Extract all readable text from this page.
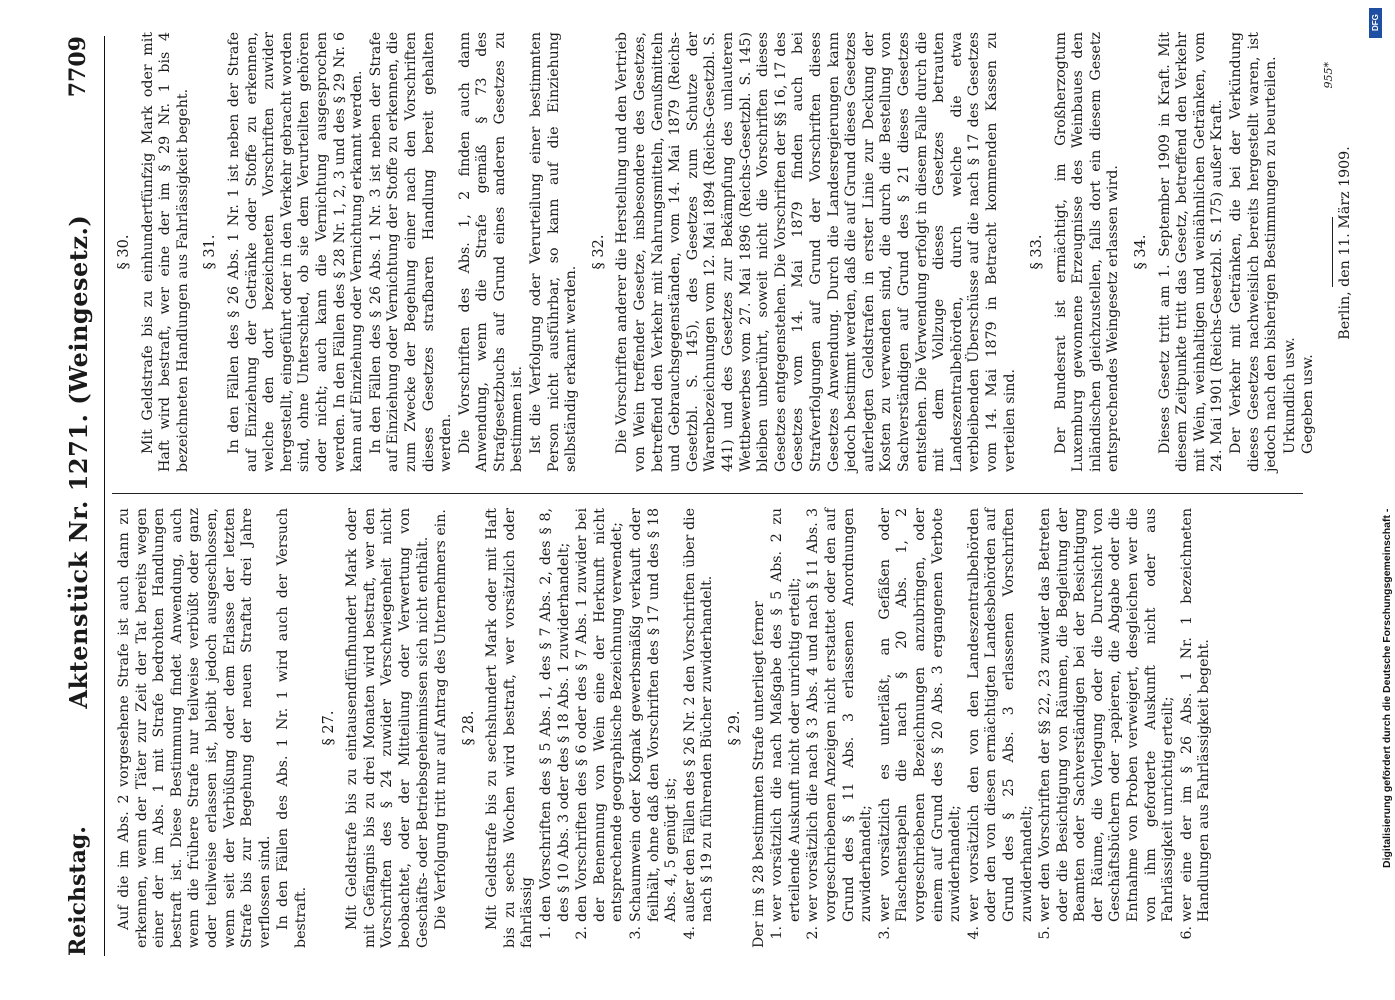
Reichstag.
Aktenstück Nr. 1271. (Weingesetz.)
7709

Auf die im Abs. 2 vorgesehene Strafe ist auch dann zu erkennen, wenn der Täter zur Zeit der Tat bereits wegen einer der im Abs. 1 mit Strafe bedrohten Handlungen bestraft ist. Diese Bestimmung findet Anwendung, auch wenn die frühere Strafe nur teilweise verbüßt oder ganz oder teilweise erlassen ist, bleibt jedoch ausgeschlossen, wenn seit der Verbüßung oder dem Erlasse der letzten Strafe bis zur Begehung der neuen Straftat drei Jahre verflossen sind. In den Fällen des Abs. 1 Nr. 1 wird auch der Versuch bestraft.

§ 27. Mit Geldstrafe bis zu eintausendfünfhundert Mark oder mit Gefängnis bis zu drei Monaten wird bestraft, wer den Vorschriften des § 24 zuwider Verschwiegenheit nicht beobachtet, oder der Mitteilung oder Verwertung von Geschäfts- oder Betriebsgeheimnissen sich nicht enthält. Die Verfolgung tritt nur auf Antrag des Unternehmers ein. § 28. Mit Geldstrafe bis zu sechshundert Mark oder mit Haft bis zu sechs Wochen wird bestraft, wer vorsätzlich oder fahrlässig 1.
den Vorschriften des § 5 Abs. 1, des § 7 Abs. 2, des § 8, des § 10 Abs. 3 oder des § 18 Abs. 1 zuwiderhandelt;
2.
den Vorschriften des § 6 oder des § 7 Abs. 1 zuwider bei der Benennung von Wein eine der Herkunft nicht entsprechende geographische Bezeichnung verwendet;
3.
Schaumwein oder Kognak gewerbsmäßig verkauft oder feilhält, ohne daß den Vorschriften des § 17 und des § 18 Abs. 4, 5 genügt ist;
4.
außer den Fällen des § 26 Nr. 2 den Vorschriften über die nach § 19 zu führenden Bücher zuwiderhandelt. § 29. Der im § 28 bestimmten Strafe unterliegt ferner 1.
wer vorsätzlich die nach Maßgabe des § 5 Abs. 2 zu erteilende Auskunft nicht oder unrichtig erteilt;
2.
wer vorsätzlich die nach § 3 Abs. 4 und nach § 11 Abs. 3 vorgeschriebenen Anzeigen nicht erstattet oder den auf Grund des § 11 Abs. 3 erlassenen Anordnungen zuwiderhandelt;
3.
wer vorsätzlich es unterläßt, an Gefäßen oder Flaschenstapeln die nach § 20 Abs. 1, 2 vorgeschriebenen Bezeichnungen anzubringen, oder einem auf Grund des § 20 Abs. 3 ergangenen Verbote zuwiderhandelt;
4.
wer vorsätzlich den von den Landeszentralbehörden oder den von diesen ermächtigten Landesbehörden auf Grund des § 25 Abs. 3 erlassenen Vorschriften zuwiderhandelt;
5.
wer den Vorschriften der §§ 22, 23 zuwider das Betreten oder die Besichtigung von Räumen, die Begleitung der Beamten oder Sachverständigen bei der Besichtigung der Räume, die Vorlegung oder die Durchsicht von Geschäftsbüchern oder -papieren, die Abgabe oder die Entnahme von Proben verweigert, desgleichen wer die von ihm geforderte Auskunft nicht oder aus Fahrlässigkeit unrichtig erteilt;
6.
wer eine der im § 26 Abs. 1 Nr. 1 bezeichneten Handlungen aus Fahrlässigkeit begeht.

§ 30. Mit Geldstrafe bis zu einhundertfünfzig Mark oder mit Haft wird bestraft, wer eine der im § 29 Nr. 1 bis 4 bezeichneten Handlungen aus Fahrlässigkeit begeht. § 31. In den Fällen des § 26 Abs. 1 Nr. 1 ist neben der Strafe auf Einziehung der Getränke oder Stoffe zu erkennen, welche den dort bezeichneten Vorschriften zuwider hergestellt, eingeführt oder in den Verkehr gebracht worden sind, ohne Unterschied, ob sie dem Verurteilten gehören oder nicht; auch kann die Vernichtung ausgesprochen werden. In den Fällen des § 28 Nr. 1, 2, 3 und des § 29 Nr. 6 kann auf Einziehung oder Vernichtung erkannt werden. In den Fällen des § 26 Abs. 1 Nr. 3 ist neben der Strafe auf Einziehung oder Vernichtung der Stoffe zu erkennen, die zum Zwecke der Begehung einer nach den Vorschriften dieses Gesetzes strafbaren Handlung bereit gehalten werden. Die Vorschriften des Abs. 1, 2 finden auch dann Anwendung, wenn die Strafe gemäß § 73 des Strafgesetzbuchs auf Grund eines anderen Gesetzes zu bestimmen ist. Ist die Verfolgung oder Verurteilung einer bestimmten Person nicht ausführbar, so kann auf die Einziehung selbständig erkannt werden.

§ 32. Die Vorschriften anderer die Herstellung und den Vertrieb von Wein treffender Gesetze, insbesondere des Gesetzes, betreffend den Verkehr mit Nahrungsmitteln, Genußmitteln und Gebrauchsgegenständen, vom 14. Mai 1879 (Reichs-Gesetzbl. S. 145), des Gesetzes zum Schutze der Warenbezeichnungen vom 12. Mai 1894 (Reichs-Gesetzbl. S. 441) und des Gesetzes zur Bekämpfung des unlauteren Wettbewerbes vom 27. Mai 1896 (Reichs-Gesetzbl. S. 145) bleiben unberührt, soweit nicht die Vorschriften dieses Gesetzes entgegenstehen. Die Vorschriften der §§ 16, 17 des Gesetzes vom 14. Mai 1879 finden auch bei Strafverfolgungen auf Grund der Vorschriften dieses Gesetzes Anwendung. Durch die Landesregierungen kann jedoch bestimmt werden, daß die auf Grund dieses Gesetzes auferlegten Geldstrafen in erster Linie zur Deckung der Kosten zu verwenden sind, die durch die Bestellung von Sachverständigen auf Grund des § 21 dieses Gesetzes entstehen. Die Verwendung erfolgt in diesem Falle durch die mit dem Vollzuge dieses Gesetzes betrauten Landeszentralbehörden, durch welche die etwa verbleibenden Überschüsse auf die nach § 17 des Gesetzes vom 14. Mai 1879 in Betracht kommenden Kassen zu verteilen sind.

§ 33. Der Bundesrat ist ermächtigt, im Großherzogtum Luxemburg gewonnene Erzeugnisse des Weinbaues den inländischen gleichzustellen, falls dort ein diesem Gesetz entsprechendes Weingesetz erlassen wird. § 34. Dieses Gesetz tritt am 1. September 1909 in Kraft. Mit diesem Zeitpunkte tritt das Gesetz, betreffend den Verkehr mit Wein, weinhaltigen und weinähnlichen Getränken, vom 24. Mai 1901 (Reichs-Gesetzbl. S. 175) außer Kraft. Der Verkehr mit Getränken, die bei der Verkündung dieses Gesetzes nachweislich bereits hergestellt waren, ist jedoch nach den bisherigen Bestimmungen zu beurteilen. Urkundlich usw. Gegeben usw.

Berlin, den 11. März 1909.

955*
DFG
Digitalisierung gefördert durch die Deutsche Forschungsgemeinschaft -
